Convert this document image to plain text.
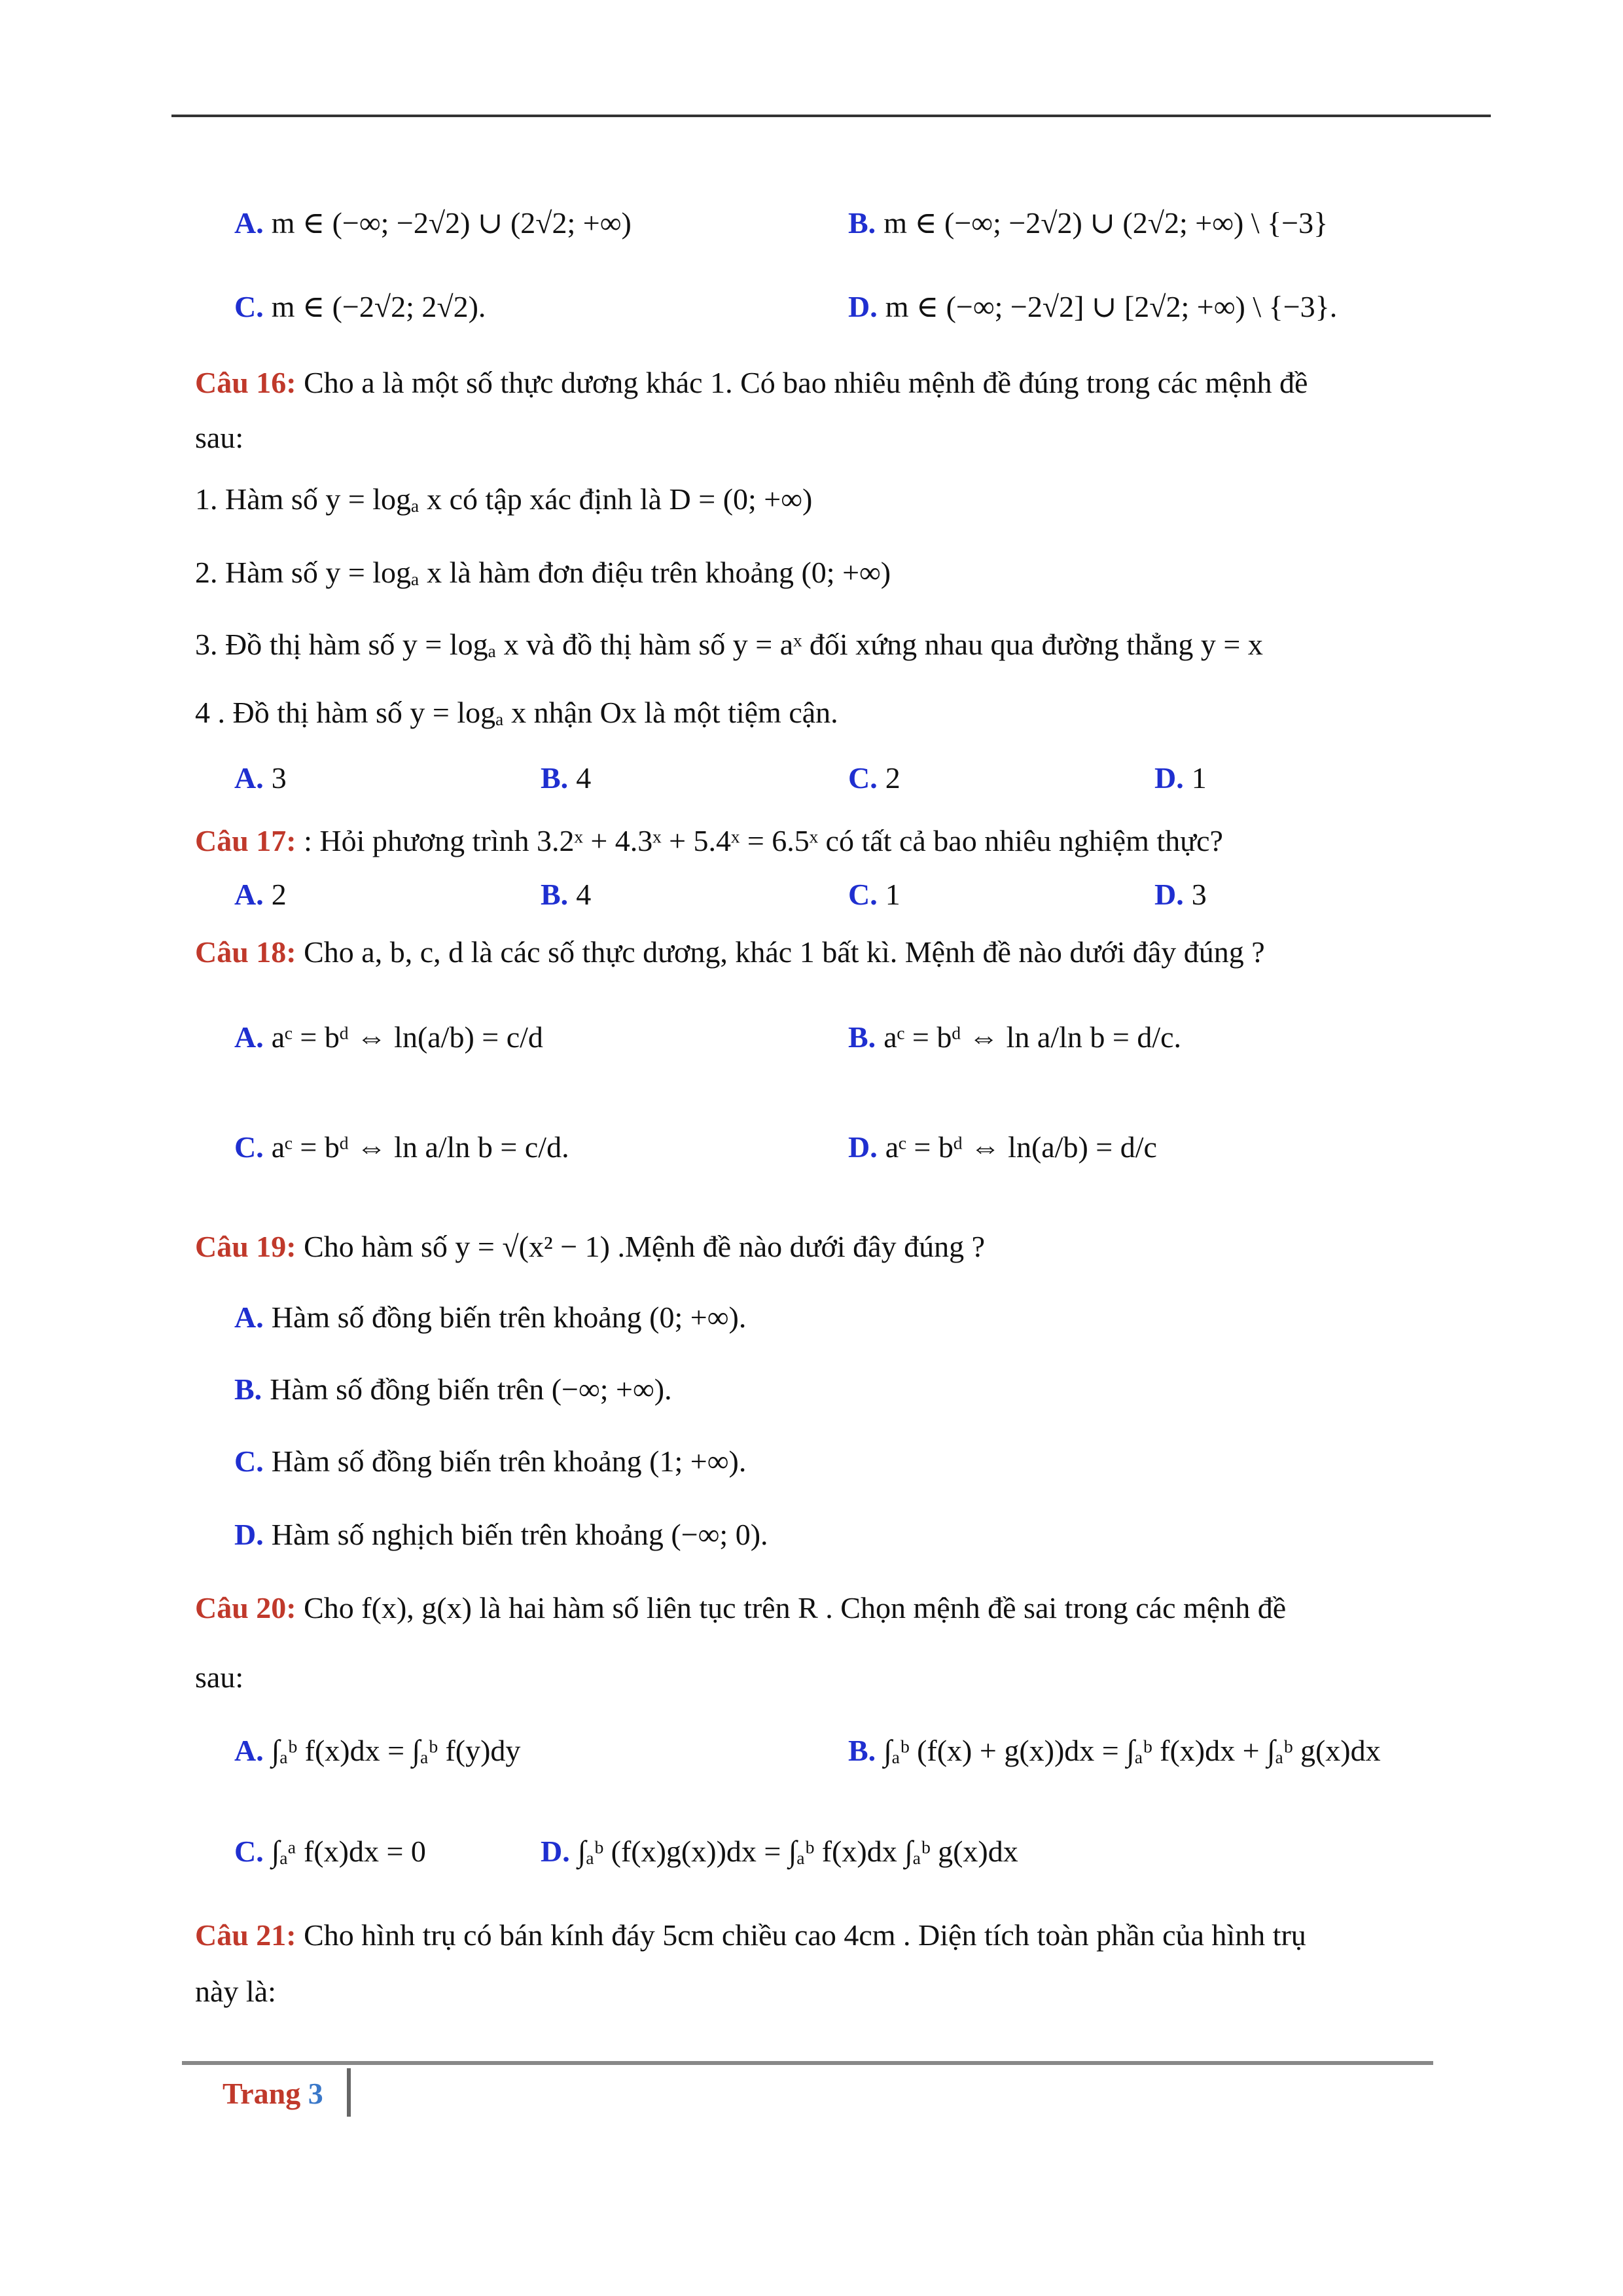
A. m ∈ (−∞; −2√2) ∪ (2√2; +∞)	B. m ∈ (−∞; −2√2) ∪ (2√2; +∞) \ {−3}
C. m ∈ (−2√2; 2√2).	D. m ∈ (−∞; −2√2] ∪ [2√2; +∞) \ {−3}.
Câu 16: Cho a là một số thực dương khác 1. Có bao nhiêu mệnh đề đúng trong các mệnh đề
sau:
1. Hàm số y = logₐ x có tập xác định là D = (0; +∞)
2. Hàm số y = logₐ x là hàm đơn điệu trên khoảng (0; +∞)
3. Đồ thị hàm số y = logₐ x và đồ thị hàm số y = aˣ đối xứng nhau qua đường thẳng y = x
4 . Đồ thị hàm số y = logₐ x nhận Ox là một tiệm cận.
A. 3	B. 4	C. 2	D. 1
Câu 17: : Hỏi phương trình 3.2ˣ + 4.3ˣ + 5.4ˣ = 6.5ˣ có tất cả bao nhiêu nghiệm thực?
A. 2	B. 4	C. 1	D. 3
Câu 18: Cho a, b, c, d là các số thực dương, khác 1 bất kì. Mệnh đề nào dưới đây đúng ?
A. aᶜ = bᵈ ⇔ ln(a/b) = c/d	B. aᶜ = bᵈ ⇔ ln a/ln b = d/c.
C. aᶜ = bᵈ ⇔ ln a/ln b = c/d.	D. aᶜ = bᵈ ⇔ ln(a/b) = d/c
Câu 19: Cho hàm số y = √(x² − 1) .Mệnh đề nào dưới đây đúng ?
A. Hàm số đồng biến trên khoảng (0; +∞).
B. Hàm số đồng biến trên (−∞; +∞).
C. Hàm số đồng biến trên khoảng (1; +∞).
D. Hàm số nghịch biến trên khoảng (−∞; 0).
Câu 20: Cho f(x), g(x) là hai hàm số liên tục trên R . Chọn mệnh đề sai trong các mệnh đề
sau:
A. ∫ₐᵇ f(x)dx = ∫ₐᵇ f(y)dy	B. ∫ₐᵇ (f(x) + g(x))dx = ∫ₐᵇ f(x)dx + ∫ₐᵇ g(x)dx
C. ∫ₐᵃ f(x)dx = 0	D. ∫ₐᵇ (f(x)g(x))dx = ∫ₐᵇ f(x)dx ∫ₐᵇ g(x)dx
Câu 21: Cho hình trụ có bán kính đáy 5cm chiều cao 4cm . Diện tích toàn phần của hình trụ
này là:
Trang 3
